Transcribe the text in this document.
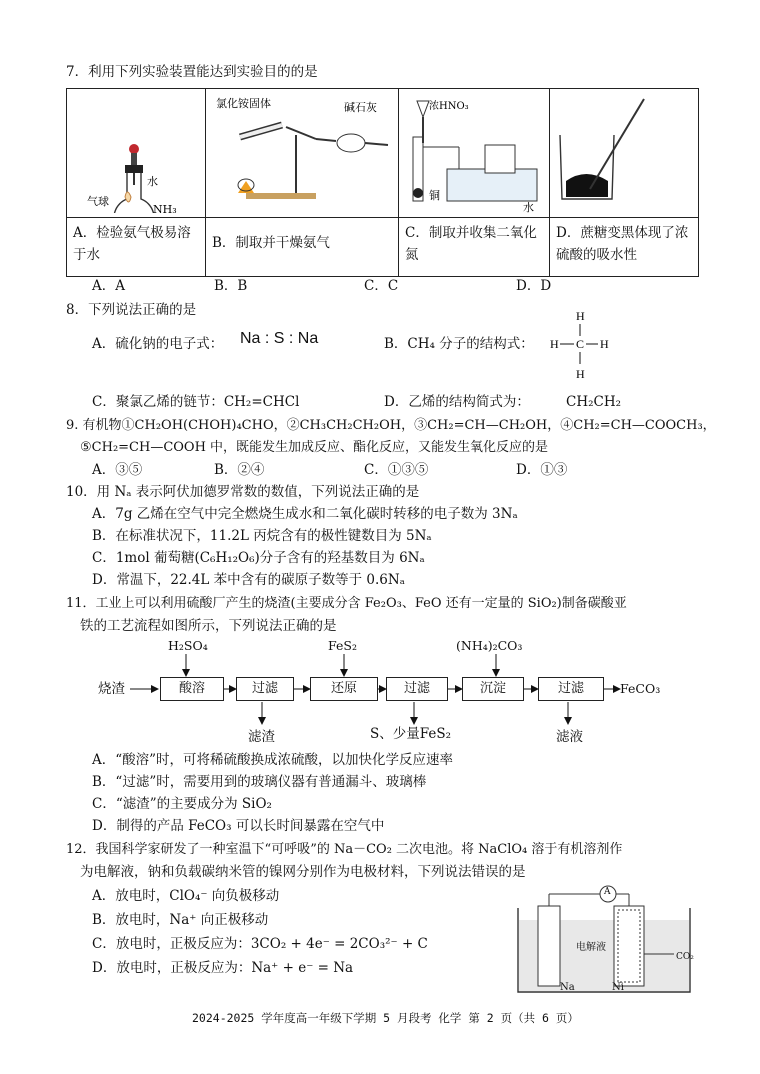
7．利用下列实验装置能达到实验目的的是
气球
水
NH₃	氯化铵固体 碱石灰	浓HNO₃
铜
水

A．检验氨气极易溶于水	B．制取并干燥氨气	C．制取并收集二氧化氮	D．蔗糖变黑体现了浓硫酸的吸水性
A．A	B．B	C．C	D．D
8．下列说法正确的是
A．硫化钠的电子式： Na : S : Na	B．CH₄ 分子的结构式：
H
H C H
H
C．聚氯乙烯的链节：CH₂=CHCl	D．乙烯的结构简式为：	CH₂CH₂
9. 有机物①CH₂OH(CHOH)₄CHO，②CH₃CH₂CH₂OH，③CH₂=CH—CH₂OH，④CH₂=CH—COOCH₃，
⑤CH₂=CH—COOH 中，既能发生加成反应、酯化反应，又能发生氧化反应的是
A．③⑤	B．②④	C．①③⑤	D．①③
10．用 Nₐ 表示阿伏加德罗常数的数值，下列说法正确的是
A．7g 乙烯在空气中完全燃烧生成水和二氧化碳时转移的电子数为 3Nₐ
B．在标准状况下，11.2L 丙烷含有的极性键数目为 5Nₐ
C．1mol 葡萄糖(C₆H₁₂O₆)分子含有的羟基数目为 6Nₐ
D．常温下，22.4L 苯中含有的碳原子数等于 0.6Nₐ
11．工业上可以利用硫酸厂产生的烧渣(主要成分含 Fe₂O₃、FeO 还有一定量的 SiO₂)制备碳酸亚
铁的工艺流程如图所示，下列说法正确的是
烧渣	酸溶	过滤	还原	过滤	沉淀	过滤	FeCO₃
H₂SO₄	FeS₂	(NH₄)₂CO₃
滤渣	S、少量FeS₂	滤液
A．“酸溶”时，可将稀硫酸换成浓硫酸，以加快化学反应速率
B．“过滤”时，需要用到的玻璃仪器有普通漏斗、玻璃棒
C．“滤渣”的主要成分为 SiO₂
D．制得的产品 FeCO₃ 可以长时间暴露在空气中
12．我国科学家研发了一种室温下“可呼吸”的 Na－CO₂ 二次电池。将 NaClO₄ 溶于有机溶剂作
为电解液，钠和负载碳纳米管的镍网分别作为电极材料，下列说法错误的是
A．放电时，ClO₄⁻ 向负极移动
B．放电时，Na⁺ 向正极移动
C．放电时，正极反应为：3CO₂ + 4e⁻ = 2CO₃²⁻ + C
D．放电时，正极反应为：Na⁺ + e⁻ = Na
A
电解液
Na	Ni
CO₂
2024-2025 学年度高一年级下学期 5 月段考 化学 第 2 页（共 6 页）
